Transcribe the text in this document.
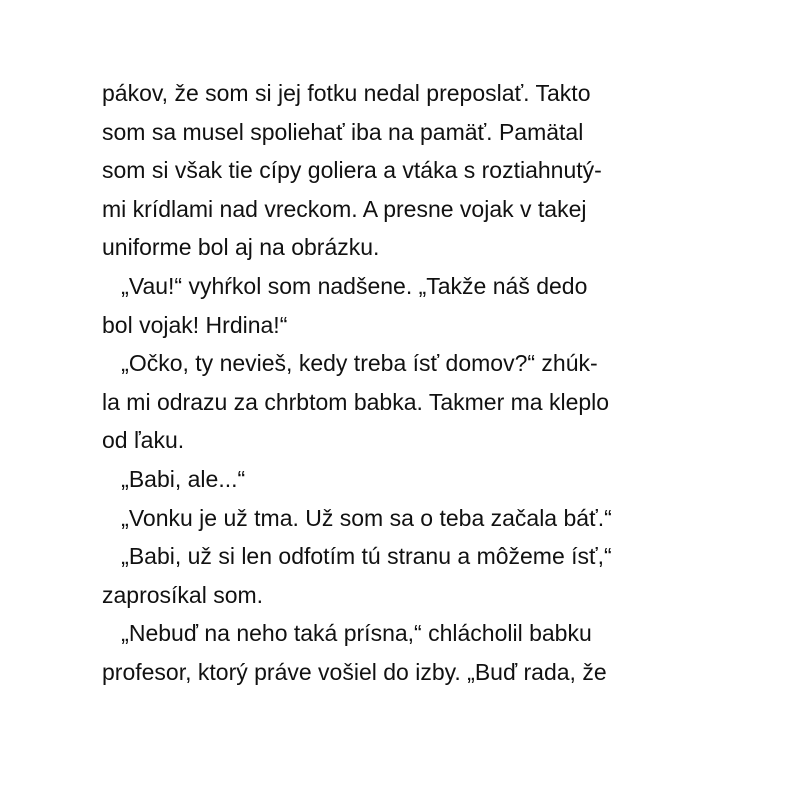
pákov, že som si jej fotku nedal preposlať. Takto
som sa musel spoliehať iba na pamäť. Pamätal
som si však tie cípy goliera a vtáka s roztiahnutý-
mi krídlami nad vreckom. A presne vojak v takej
uniforme bol aj na obrázku.
„Vau!“ vyhŕkol som nadšene. „Takže náš dedo
bol vojak! Hrdina!“
„Očko, ty nevieš, kedy treba ísť domov?“ zhúk-
la mi odrazu za chrbtom babka. Takmer ma kleplo
od ľaku.
„Babi, ale...“
„Vonku je už tma. Už som sa o teba začala báť.“
„Babi, už si len odfotím tú stranu a môžeme ísť,“
zaprosíkal som.
„Nebuď na neho taká prísna,“ chlácholil babku
profesor, ktorý práve vošiel do izby. „Buď rada, že
